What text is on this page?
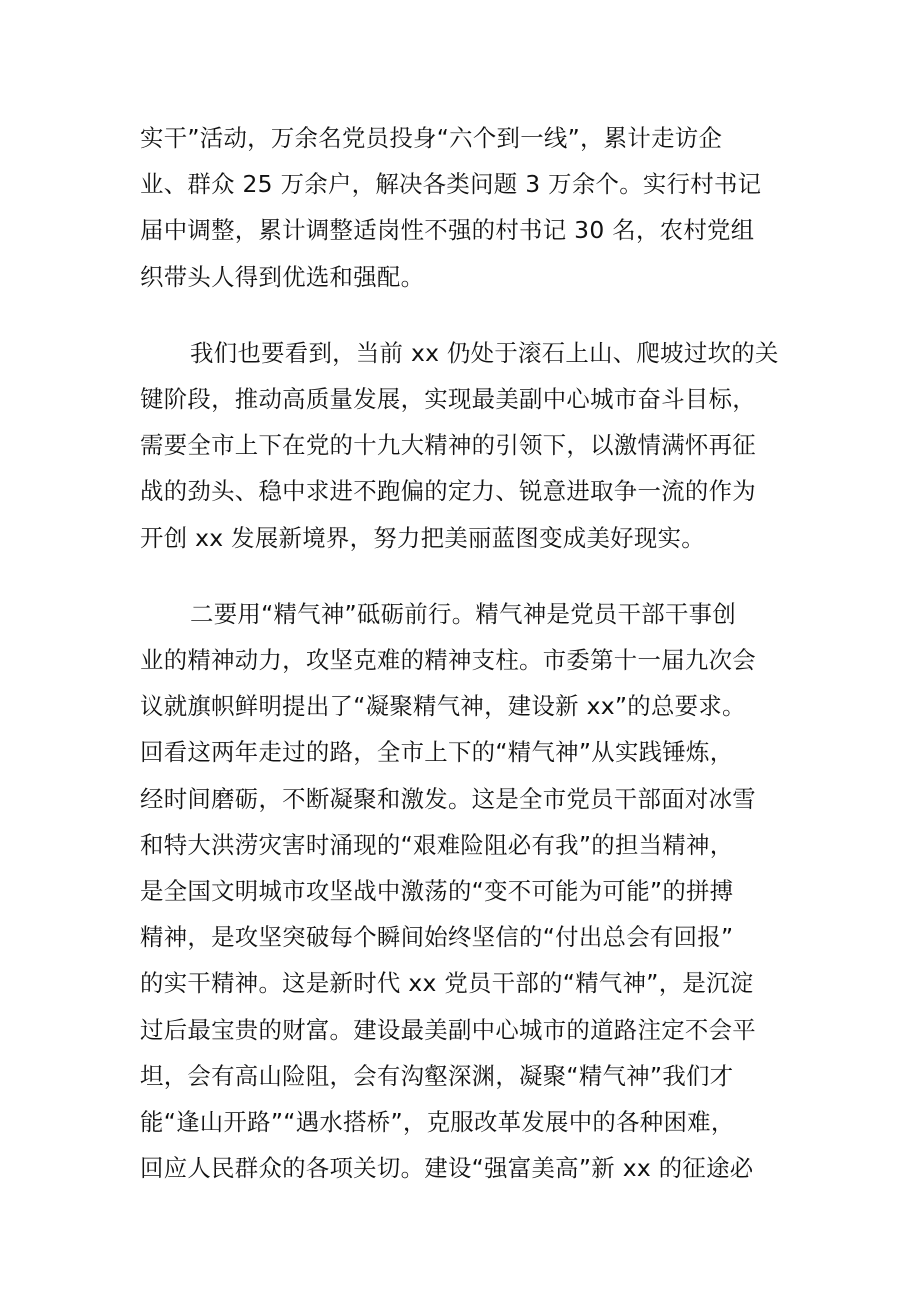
实干”活动，万余名党员投身“六个到一线”，累计走访企
业、群众 25 万余户，解决各类问题 3 万余个。实行村书记
届中调整，累计调整适岗性不强的村书记 30 名，农村党组
织带头人得到优选和强配。

我们也要看到，当前 xx 仍处于滚石上山、爬坡过坎的关
键阶段，推动高质量发展，实现最美副中心城市奋斗目标，
需要全市上下在党的十九大精神的引领下，以激情满怀再征
战的劲头、稳中求进不跑偏的定力、锐意进取争一流的作为
开创 xx 发展新境界，努力把美丽蓝图变成美好现实。

二要用“精气神”砥砺前行。精气神是党员干部干事创
业的精神动力，攻坚克难的精神支柱。市委第十一届九次会
议就旗帜鲜明提出了“凝聚精气神，建设新 xx”的总要求。
回看这两年走过的路，全市上下的“精气神”从实践锤炼，
经时间磨砺，不断凝聚和激发。这是全市党员干部面对冰雪
和特大洪涝灾害时涌现的“艰难险阻必有我”的担当精神，
是全国文明城市攻坚战中激荡的“变不可能为可能”的拼搏
精神，是攻坚突破每个瞬间始终坚信的“付出总会有回报”
的实干精神。这是新时代 xx 党员干部的“精气神”，是沉淀
过后最宝贵的财富。建设最美副中心城市的道路注定不会平
坦，会有高山险阻，会有沟壑深渊，凝聚“精气神”我们才
能“逢山开路”“遇水搭桥”，克服改革发展中的各种困难，
回应人民群众的各项关切。建设“强富美高”新 xx 的征途必
